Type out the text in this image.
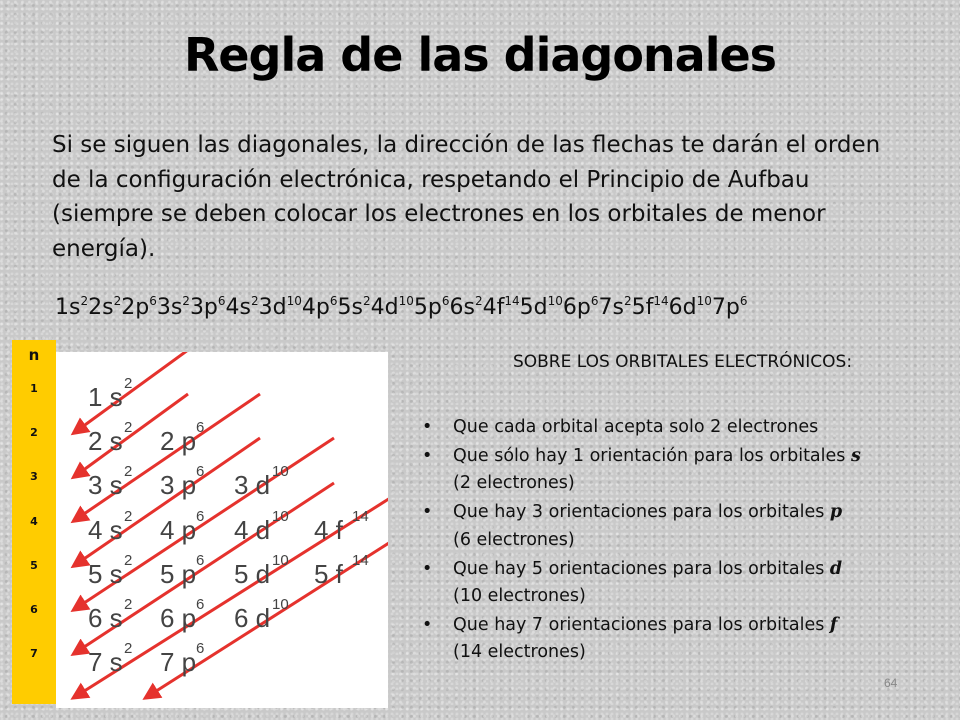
Regla de las diagonales
Si se siguen las diagonales, la dirección de las flechas te darán el orden de la configuración electrónica, respetando el Principio de Aufbau (siempre se deben colocar los electrones en los orbitales de menor energía).
$1s^22s^22p^63s^23p^64s^23d^{10}4p^65s^24d^{10}5p^66s^24f^{14}5d^{10}6p^67s^25f^{14}6d^{10}7p^6$
n
1
2
3
4
5
6
7
1 s 2
2 s 2 2 p 6
3 s 2 3 p 6 3 d 10
4 s 2 4 p 6 4 d 10 4 f 14
5 s 2 5 p 6 5 d 10 5 f 14
6 s 2 6 p 6 6 d 10
7 s 2 7 p 6
SOBRE LOS ORBITALES ELECTRÓNICOS:
• Que cada orbital acepta solo 2 electrones
• Que sólo hay 1 orientación para los orbitales s
(2 electrones)
• Que hay 3 orientaciones para los orbitales p
(6 electrones)
• Que hay 5 orientaciones para los orbitales d
(10 electrones)
• Que hay 7 orientaciones para los orbitales f
(14 electrones)
64
